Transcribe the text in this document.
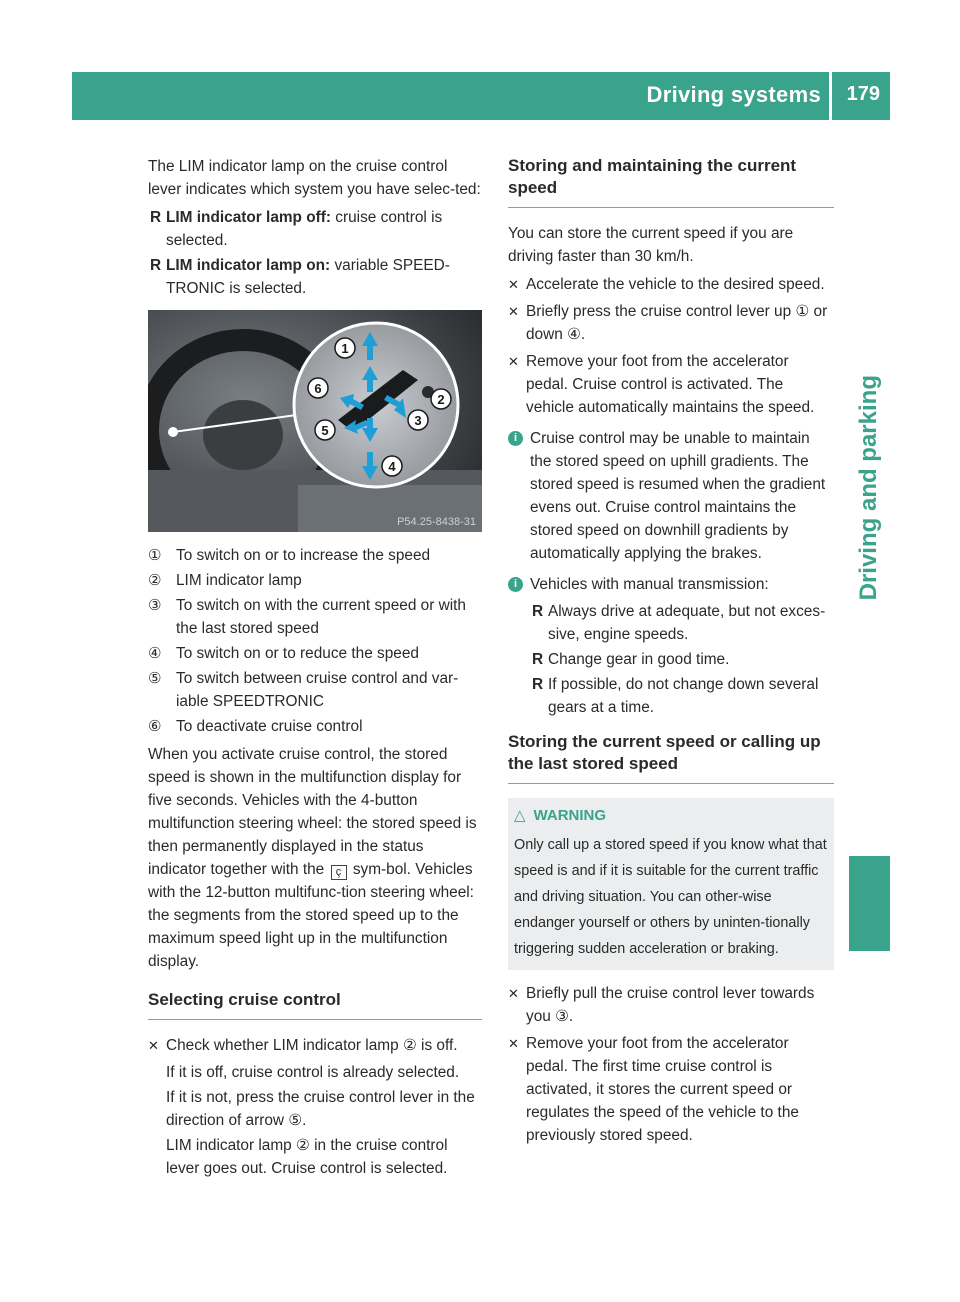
Driving systems 179
Driving and parking

The LIM indicator lamp on the cruise control lever indicates which system you have selec-ted:

R LIM indicator lamp off: cruise control is selected.
R LIM indicator lamp on: variable SPEED-TRONIC is selected.
1
2
3
4
5
6
P54.25-8438-31
① To switch on or to increase the speed
② LIM indicator lamp
③ To switch on with the current speed or with the last stored speed
④ To switch on or to reduce the speed
⑤ To switch between cruise control and var-iable SPEEDTRONIC
⑥ To deactivate cruise control

When you activate cruise control, the stored speed is shown in the multifunction display for five seconds. Vehicles with the 4-button multifunction steering wheel: the stored speed is then permanently displayed in the status indicator together with the ç sym-bol. Vehicles with the 12-button multifunc-tion steering wheel: the segments from the stored speed up to the maximum speed light up in the multifunction display.

Selecting cruise control
✕ Check whether LIM indicator lamp ② is off.

If it is off, cruise control is already selected.

If it is not, press the cruise control lever in the direction of arrow ⑤.

LIM indicator lamp ② in the cruise control lever goes out. Cruise control is selected.

Storing and maintaining the current speed

You can store the current speed if you are driving faster than 30 km/h.

✕ Accelerate the vehicle to the desired speed.
✕ Briefly press the cruise control lever up ① or down ④.
✕ Remove your foot from the accelerator pedal. Cruise control is activated. The vehicle automatically maintains the speed.
i Cruise control may be unable to maintain the stored speed on uphill gradients. The stored speed is resumed when the gradient evens out. Cruise control maintains the stored speed on downhill gradients by automatically applying the brakes.
i Vehicles with manual transmission:
R Always drive at adequate, but not exces-sive, engine speeds.
R Change gear in good time.
R If possible, do not change down several gears at a time.
Storing the current speed or calling up the last stored speed
△ WARNING

Only call up a stored speed if you know what that speed is and if it is suitable for the current traffic and driving situation. You can other-wise endanger yourself or others by uninten-tionally triggering sudden acceleration or braking.

✕ Briefly pull the cruise control lever towards you ③.
✕ Remove your foot from the accelerator pedal. The first time cruise control is activated, it stores the current speed or regulates the speed of the vehicle to the previously stored speed.
